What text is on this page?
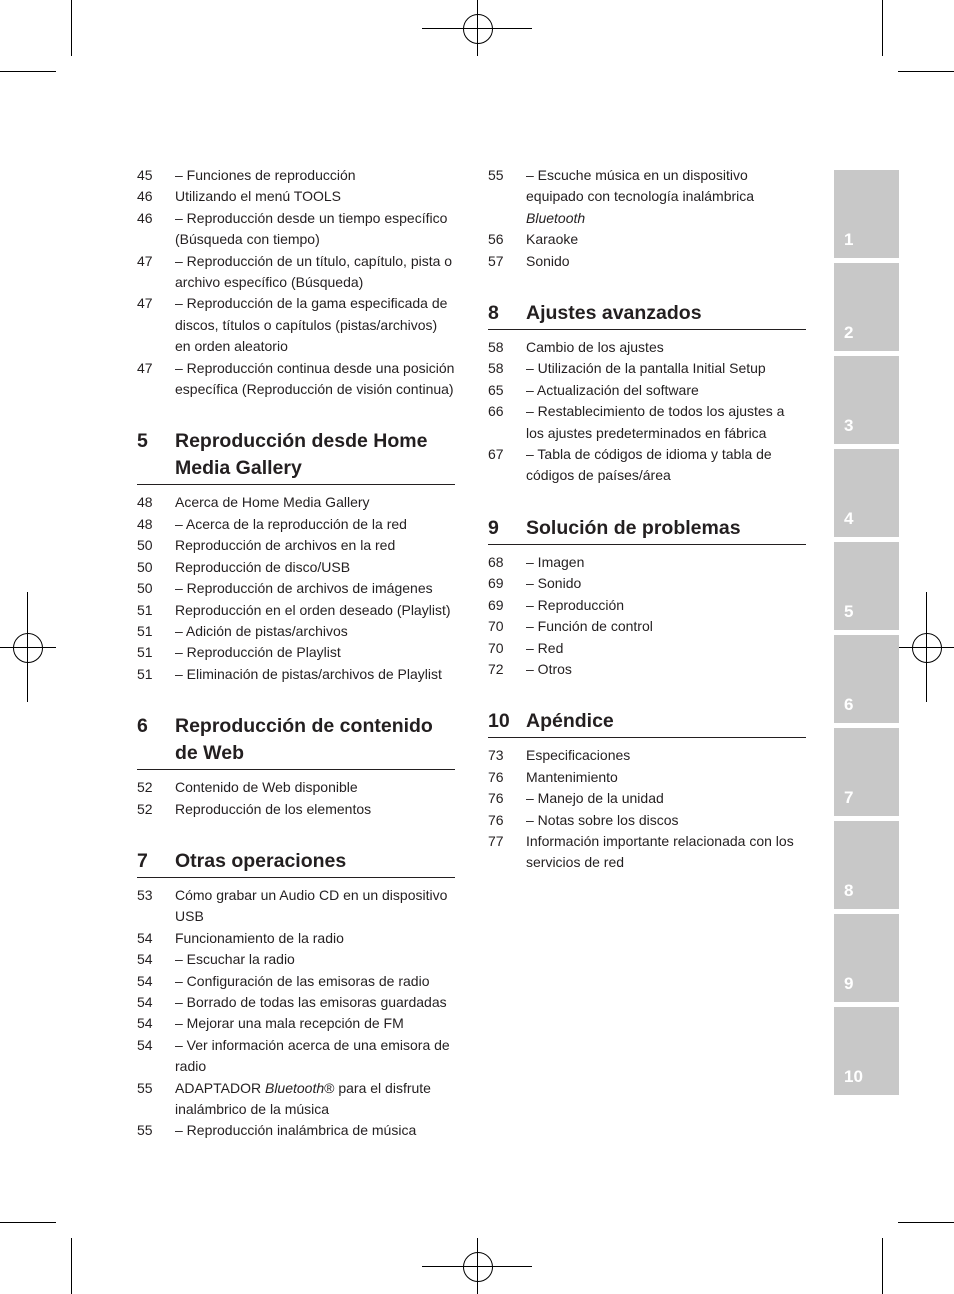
45	– Funciones de reproducción
46	Utilizando el menú TOOLS
46	– Reproducción desde un tiempo específico (Búsqueda con tiempo)
47	– Reproducción de un título, capítulo, pista o archivo específico (Búsqueda)
47	– Reproducción de la gama especificada de discos, títulos o capítulos (pistas/archivos) en orden aleatorio
47	– Reproducción continua desde una posición específica (Reproducción de visión continua)
5	Reproducción desde Home Media Gallery
48	Acerca de Home Media Gallery
48	– Acerca de la reproducción de la red
50	Reproducción de archivos en la red
50	Reproducción de disco/USB
50	– Reproducción de archivos de imágenes
51	Reproducción en el orden deseado (Playlist)
51	– Adición de pistas/archivos
51	– Reproducción de Playlist
51	– Eliminación de pistas/archivos de Playlist
6	Reproducción de contenido de Web
52	Contenido de Web disponible
52	Reproducción de los elementos
7	Otras operaciones
53	Cómo grabar un Audio CD en un dispositivo USB
54	Funcionamiento de la radio
54	– Escuchar la radio
54	– Configuración de las emisoras de radio
54	– Borrado de todas las emisoras guardadas
54	– Mejorar una mala recepción de FM
54	– Ver información acerca de una emisora de radio
55	ADAPTADOR Bluetooth® para el disfrute inalámbrico de la música
55	– Reproducción inalámbrica de música
55	– Escuche música en un dispositivo equipado con tecnología inalámbrica Bluetooth
56	Karaoke
57	Sonido
8	Ajustes avanzados
58	Cambio de los ajustes
58	– Utilización de la pantalla Initial Setup
65	– Actualización del software
66	– Restablecimiento de todos los ajustes a los ajustes predeterminados en fábrica
67	– Tabla de códigos de idioma y tabla de códigos de países/área
9	Solución de problemas
68	– Imagen
69	– Sonido
69	– Reproducción
70	– Función de control
70	– Red
72	– Otros
10 Apéndice
73	Especificaciones
76	Mantenimiento
76	– Manejo de la unidad
76	– Notas sobre los discos
77	Información importante relacionada con los servicios de red
1
2
3
4
5
6
7
8
9
10
